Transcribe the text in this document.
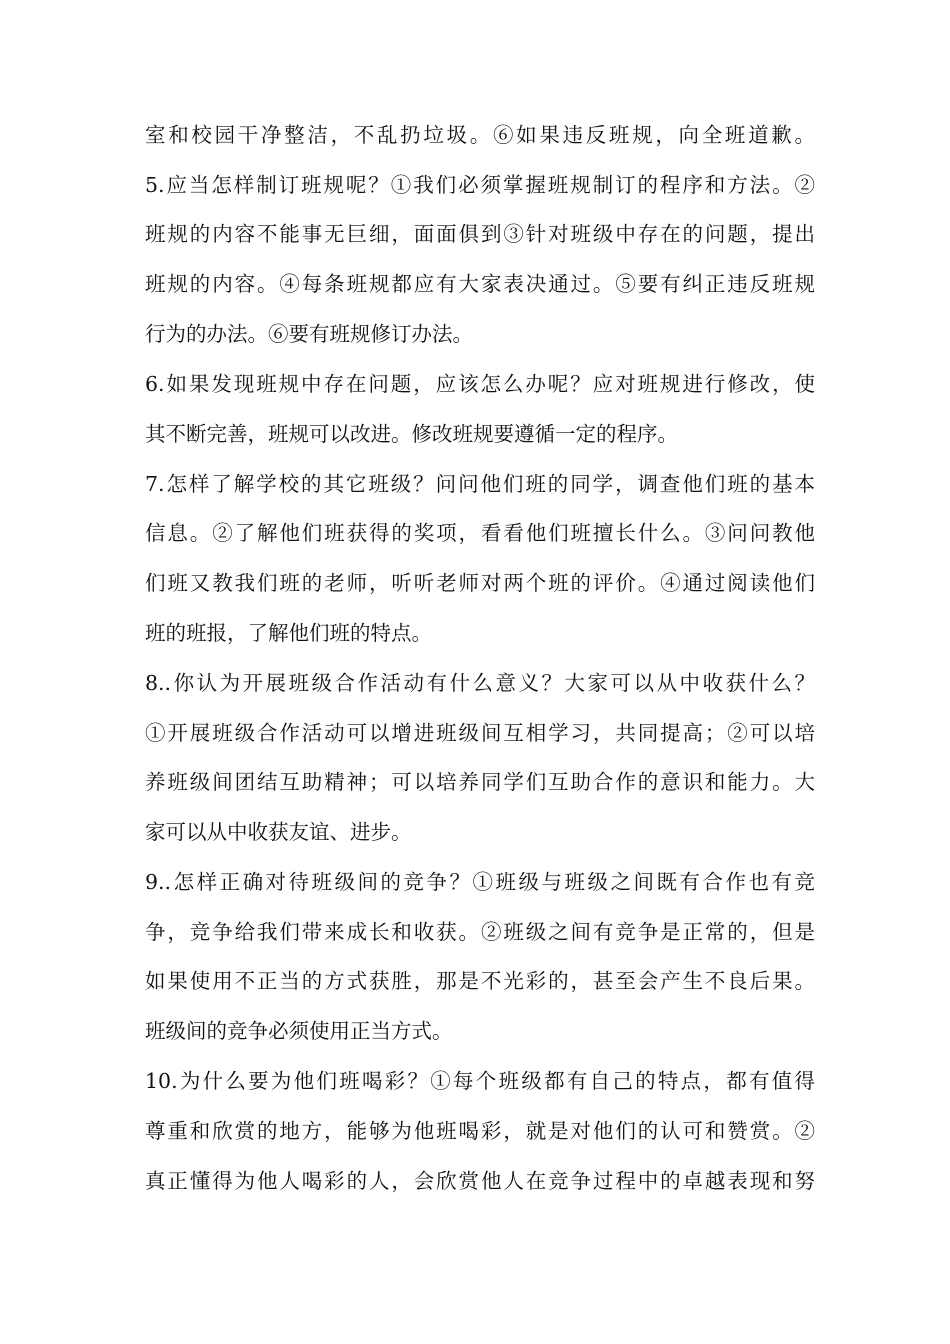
室和校园干净整洁，不乱扔垃圾。⑥如果违反班规，向全班道歉。
5.应当怎样制订班规呢？①我们必须掌握班规制订的程序和方法。②
班规的内容不能事无巨细，面面俱到③针对班级中存在的问题，提出
班规的内容。④每条班规都应有大家表决通过。⑤要有纠正违反班规
行为的办法。⑥要有班规修订办法。
6.如果发现班规中存在问题，应该怎么办呢？应对班规进行修改，使
其不断完善，班规可以改进。修改班规要遵循一定的程序。
7.怎样了解学校的其它班级？问问他们班的同学，调查他们班的基本
信息。②了解他们班获得的奖项，看看他们班擅长什么。③问问教他
们班又教我们班的老师，听听老师对两个班的评价。④通过阅读他们
班的班报，了解他们班的特点。
8..你认为开展班级合作活动有什么意义？大家可以从中收获什么？
①开展班级合作活动可以增进班级间互相学习，共同提高；②可以培
养班级间团结互助精神；可以培养同学们互助合作的意识和能力。大
家可以从中收获友谊、进步。
9..怎样正确对待班级间的竞争？①班级与班级之间既有合作也有竞
争，竞争给我们带来成长和收获。②班级之间有竞争是正常的，但是
如果使用不正当的方式获胜，那是不光彩的，甚至会产生不良后果。
班级间的竞争必须使用正当方式。
10.为什么要为他们班喝彩？①每个班级都有自己的特点，都有值得
尊重和欣赏的地方，能够为他班喝彩，就是对他们的认可和赞赏。②
真正懂得为他人喝彩的人，会欣赏他人在竞争过程中的卓越表现和努
